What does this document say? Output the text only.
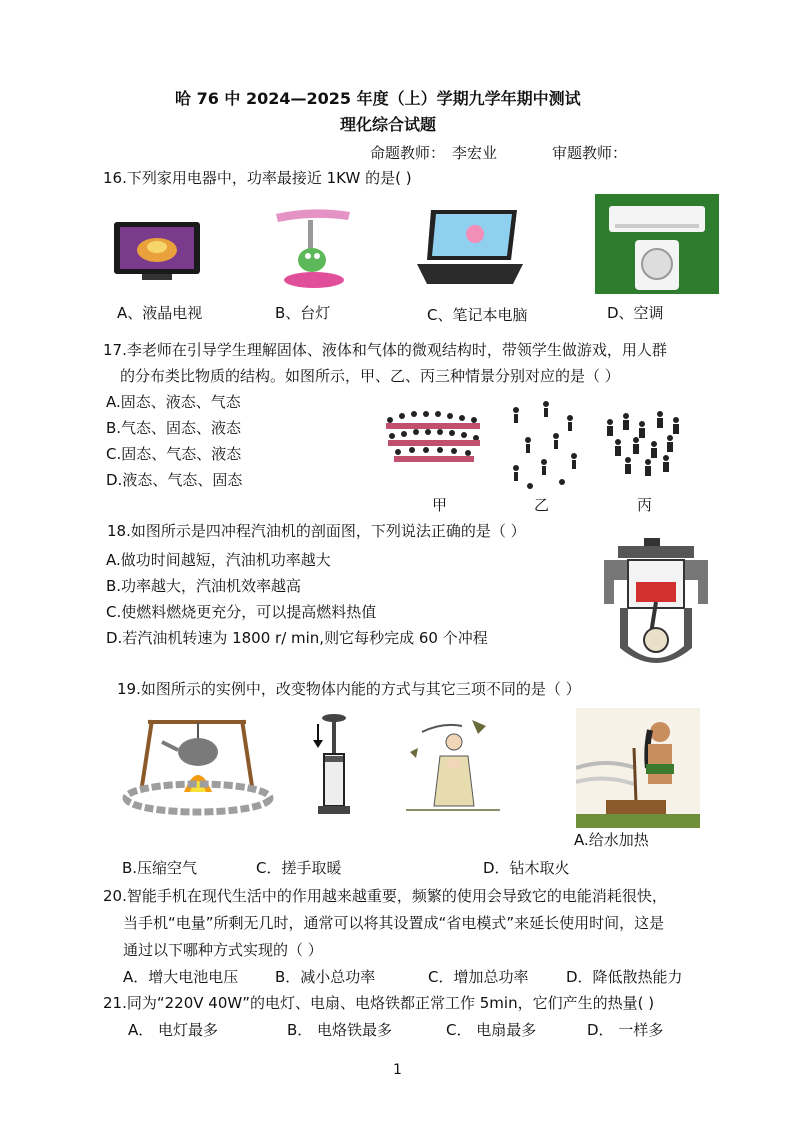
哈 76 中 2024—2025 年度（上）学期九学年期中测试
理化综合试题
命题教师： 李宏业	审题教师：
16.下列家用电器中，功率最接近 1KW 的是( )
A、液晶电视	B、台灯	C、笔记本电脑	D、空调
17.李老师在引导学生理解固体、液体和气体的微观结构时，带领学生做游戏，用人群
的分布类比物质的结构。如图所示，甲、乙、丙三种情景分别对应的是（ ）
A.固态、液态、气态
B.气态、固态、液态
C.固态、气态、液态
D.液态、气态、固态
甲	乙	丙
18.如图所示是四冲程汽油机的剖面图，下列说法正确的是（ ）
A.做功时间越短，汽油机功率越大
B.功率越大，汽油机效率越高
C.使燃料燃烧更充分，可以提高燃料热值
D.若汽油机转速为 1800 r/ min,则它每秒完成 60 个冲程
19.如图所示的实例中，改变物体内能的方式与其它三项不同的是（ ）
A.给水加热
B.压缩空气	C．搓手取暖	D．钻木取火
20.智能手机在现代生活中的作用越来越重要，频繁的使用会导致它的电能消耗很快，
当手机“电量”所剩无几时，通常可以将其设置成“省电模式”来延长使用时间，这是
通过以下哪种方式实现的（ ）
A．增大电池电压 B．减小总功率	C．增加总功率	D．降低散热能力
21.同为“220V 40W”的电灯、电扇、电烙铁都正常工作 5min，它们产生的热量( )
A． 电灯最多	B． 电烙铁最多	C． 电扇最多	D． 一样多
1
